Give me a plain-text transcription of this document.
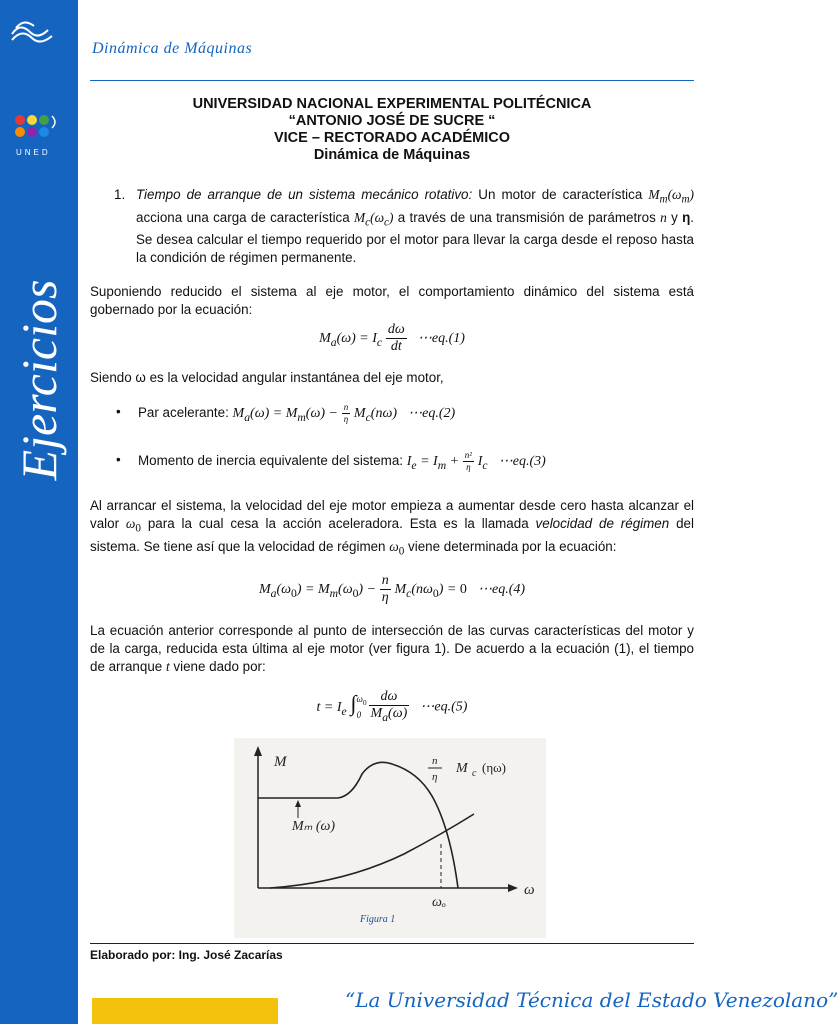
UNED
Ejercicios
Dinámica de Máquinas
UNIVERSIDAD NACIONAL EXPERIMENTAL POLITÉCNICA
“ANTONIO JOSÉ DE SUCRE “
VICE – RECTORADO ACADÉMICO
Dinámica de Máquinas

1. Tiempo de arranque de un sistema mecánico rotativo: Un motor de característica $M_m(\omega_m)$ acciona una carga de característica $M_c(\omega_c)$ a través de una transmisión de parámetros n y η. Se desea calcular el tiempo requerido por el motor para llevar la carga desde el reposo hasta la condición de régimen permanente.

Suponiendo reducido el sistema al eje motor, el comportamiento dinámico del sistema está gobernado por la ecuación:

$M_a(\omega) = I_c \frac{d\omega}{dt}$ ⋯eq.(1)

Siendo ω es la velocidad angular instantánea del eje motor,

• Par acelerante: $M_a(\omega) = M_m(\omega) - \frac{n}{\eta} M_c(n\omega)$ ⋯eq.(2)
• Momento de inercia equivalente del sistema: $I_e = I_m + \frac{\text{n²}}{\eta} I_c$ ⋯eq.(3)

Al arrancar el sistema, la velocidad del eje motor empieza a aumentar desde cero hasta alcanzar el valor $\omega_0$ para la cual cesa la acción aceleradora. Esta es la llamada velocidad de régimen del sistema. Se tiene así que la velocidad de régimen $\omega_0$ viene determinada por la ecuación:

$M_a(\omega_0) = M_m(\omega_0) - \frac{n}{\eta} M_c(n\omega_0) = 0$ ⋯eq.(4)

La ecuación anterior corresponde al punto de intersección de las curvas características del motor y de la carga, reducida esta última al eje motor (ver figura 1). De acuerdo a la ecuación (1), el tiempo de arranque t viene dado por:

$t = I_e$ $\int^{\omega_0}0 \frac{d\omega}{M_a(\omega)}$ ⋯eq.(5)
M
ω
Mₘ (ω)
n
η
M c (ηω)
ωₒ
Figura 1
Elaborado por: Ing. José Zacarías
“La Universidad Técnica del Estado Venezolano”
